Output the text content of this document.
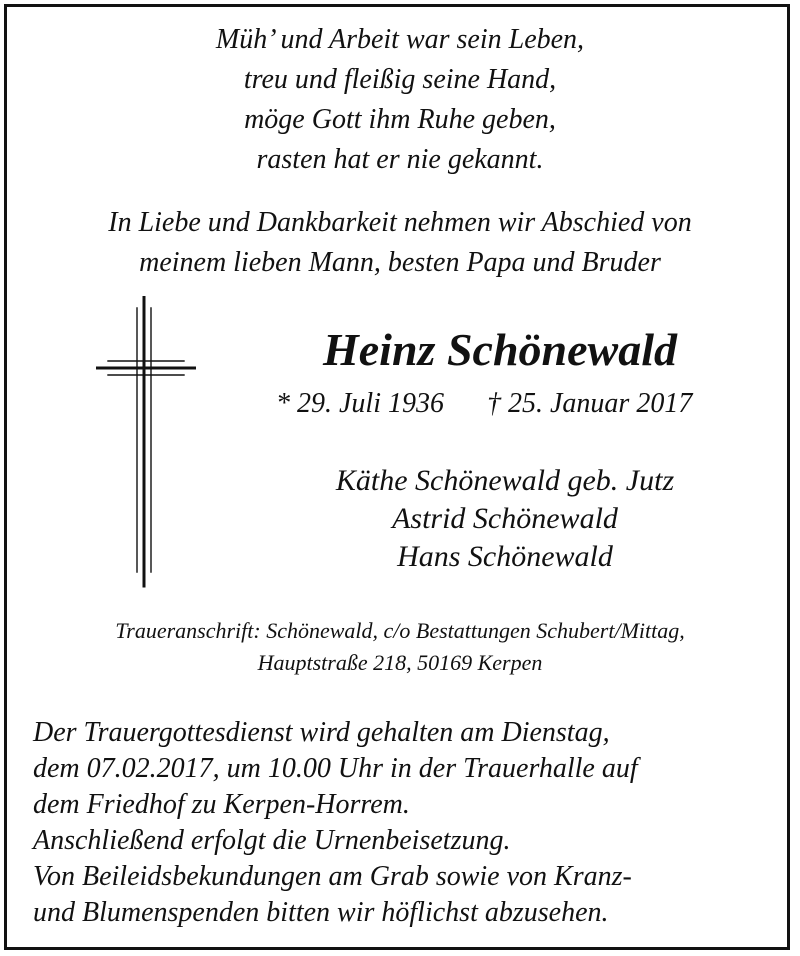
Müh’ und Arbeit war sein Leben,
treu und fleißig seine Hand,
möge Gott ihm Ruhe geben,
rasten hat er nie gekannt.
In Liebe und Dankbarkeit nehmen wir Abschied von
meinem lieben Mann, besten Papa und Bruder
Heinz Schönewald
* 29. Juli 1936 † 25. Januar 2017
Käthe Schönewald geb. Jutz
Astrid Schönewald
Hans Schönewald
Traueranschrift: Schönewald, c/o Bestattungen Schubert/Mittag,
Hauptstraße 218, 50169 Kerpen
Der Trauergottesdienst wird gehalten am Dienstag,
dem 07.02.2017, um 10.00 Uhr in der Trauerhalle auf
dem Friedhof zu Kerpen-Horrem.
Anschließend erfolgt die Urnenbeisetzung.
Von Beileidsbekundungen am Grab sowie von Kranz-
und Blumenspenden bitten wir höflichst abzusehen.
